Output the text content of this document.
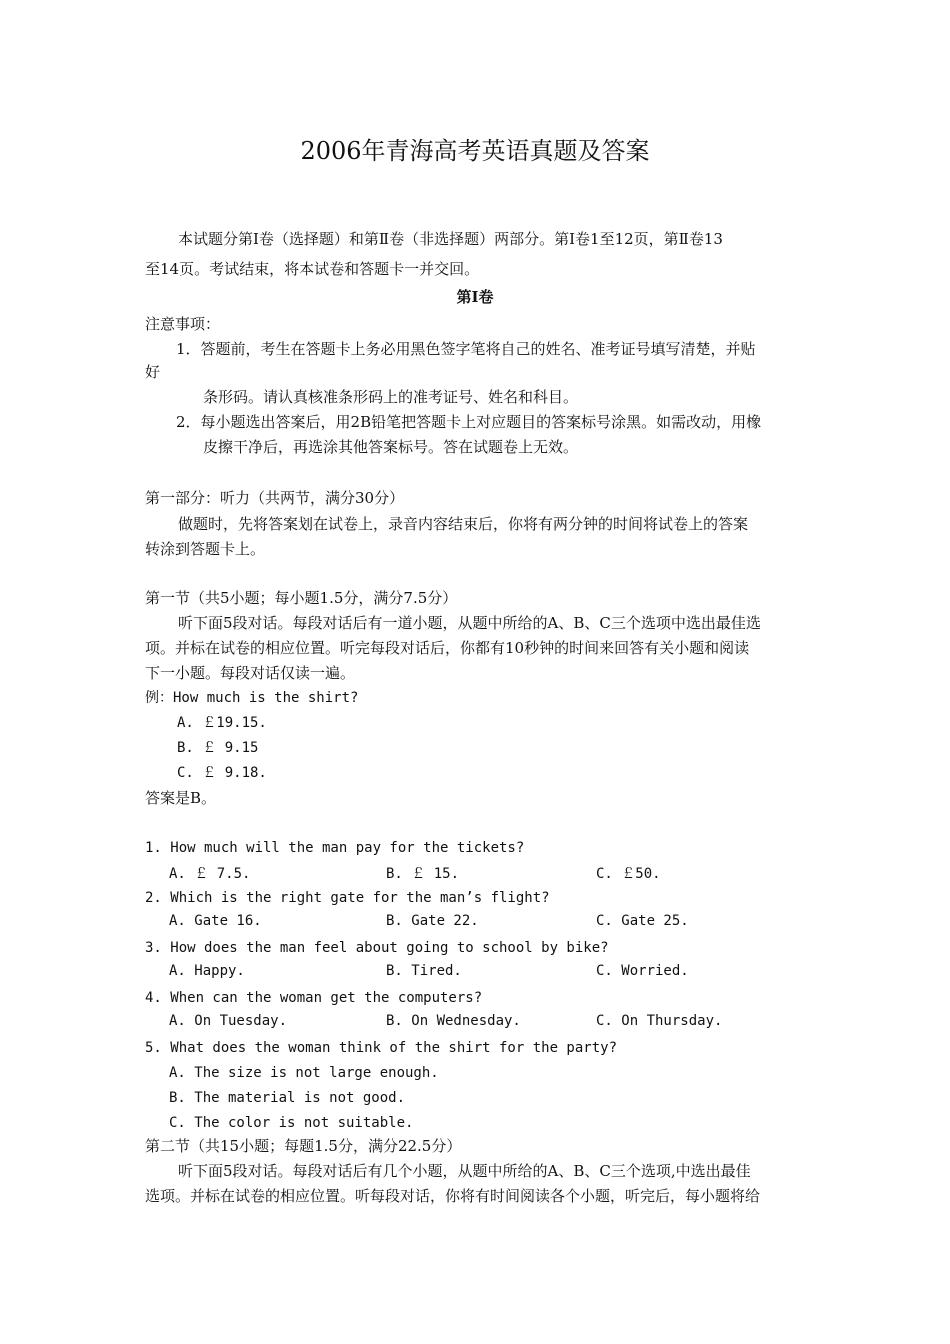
2006年青海高考英语真题及答案
本试题分第Ⅰ卷（选择题）和第Ⅱ卷（非选择题）两部分。第Ⅰ卷1至12页，第Ⅱ卷13
至14页。考试结束，将本试卷和答题卡一并交回。
第Ⅰ卷
注意事项：
1．答题前，考生在答题卡上务必用黑色签字笔将自己的姓名、准考证号填写清楚，并贴
好
条形码。请认真核准条形码上的准考证号、姓名和科目。
2．每小题选出答案后，用2B铅笔把答题卡上对应题目的答案标号涂黑。如需改动，用橡
皮擦干净后，再选涂其他答案标号。答在试题卷上无效。
第一部分：听力（共两节，满分30分）
做题时，先将答案划在试卷上，录音内容结束后，你将有两分钟的时间将试卷上的答案
转涂到答题卡上。
第一节（共5小题；每小题1.5分，满分7.5分）
听下面5段对话。每段对话后有一道小题，从题中所给的A、B、C三个选项中选出最佳选
项。并标在试卷的相应位置。听完每段对话后，你都有10秒钟的时间来回答有关小题和阅读
下一小题。每段对话仅读一遍。
例：How much is the shirt?
A. ￡19.15.
B. ￡ 9.15
C. ￡ 9.18.
答案是B。
1. How much will the man pay for the tickets?
A. ￡ 7.5.	B. ￡ 15.	C. ￡50.
2. Which is the right gate for the man’s flight?
A. Gate 16.	B. Gate 22.	C. Gate 25.
3. How does the man feel about going to school by bike?
A. Happy.	B. Tired.	C. Worried.
4. When can the woman get the computers?
A. On Tuesday.	B. On Wednesday.	C. On Thursday.
5. What does the woman think of the shirt for the party?
A. The size is not large enough.
B. The material is not good.
C. The color is not suitable.
第二节（共15小题；每题1.5分，满分22.5分）
听下面5段对话。每段对话后有几个小题，从题中所给的A、B、C三个选项,中选出最佳
选项。并标在试卷的相应位置。听每段对话，你将有时间阅读各个小题，听完后，每小题将给
